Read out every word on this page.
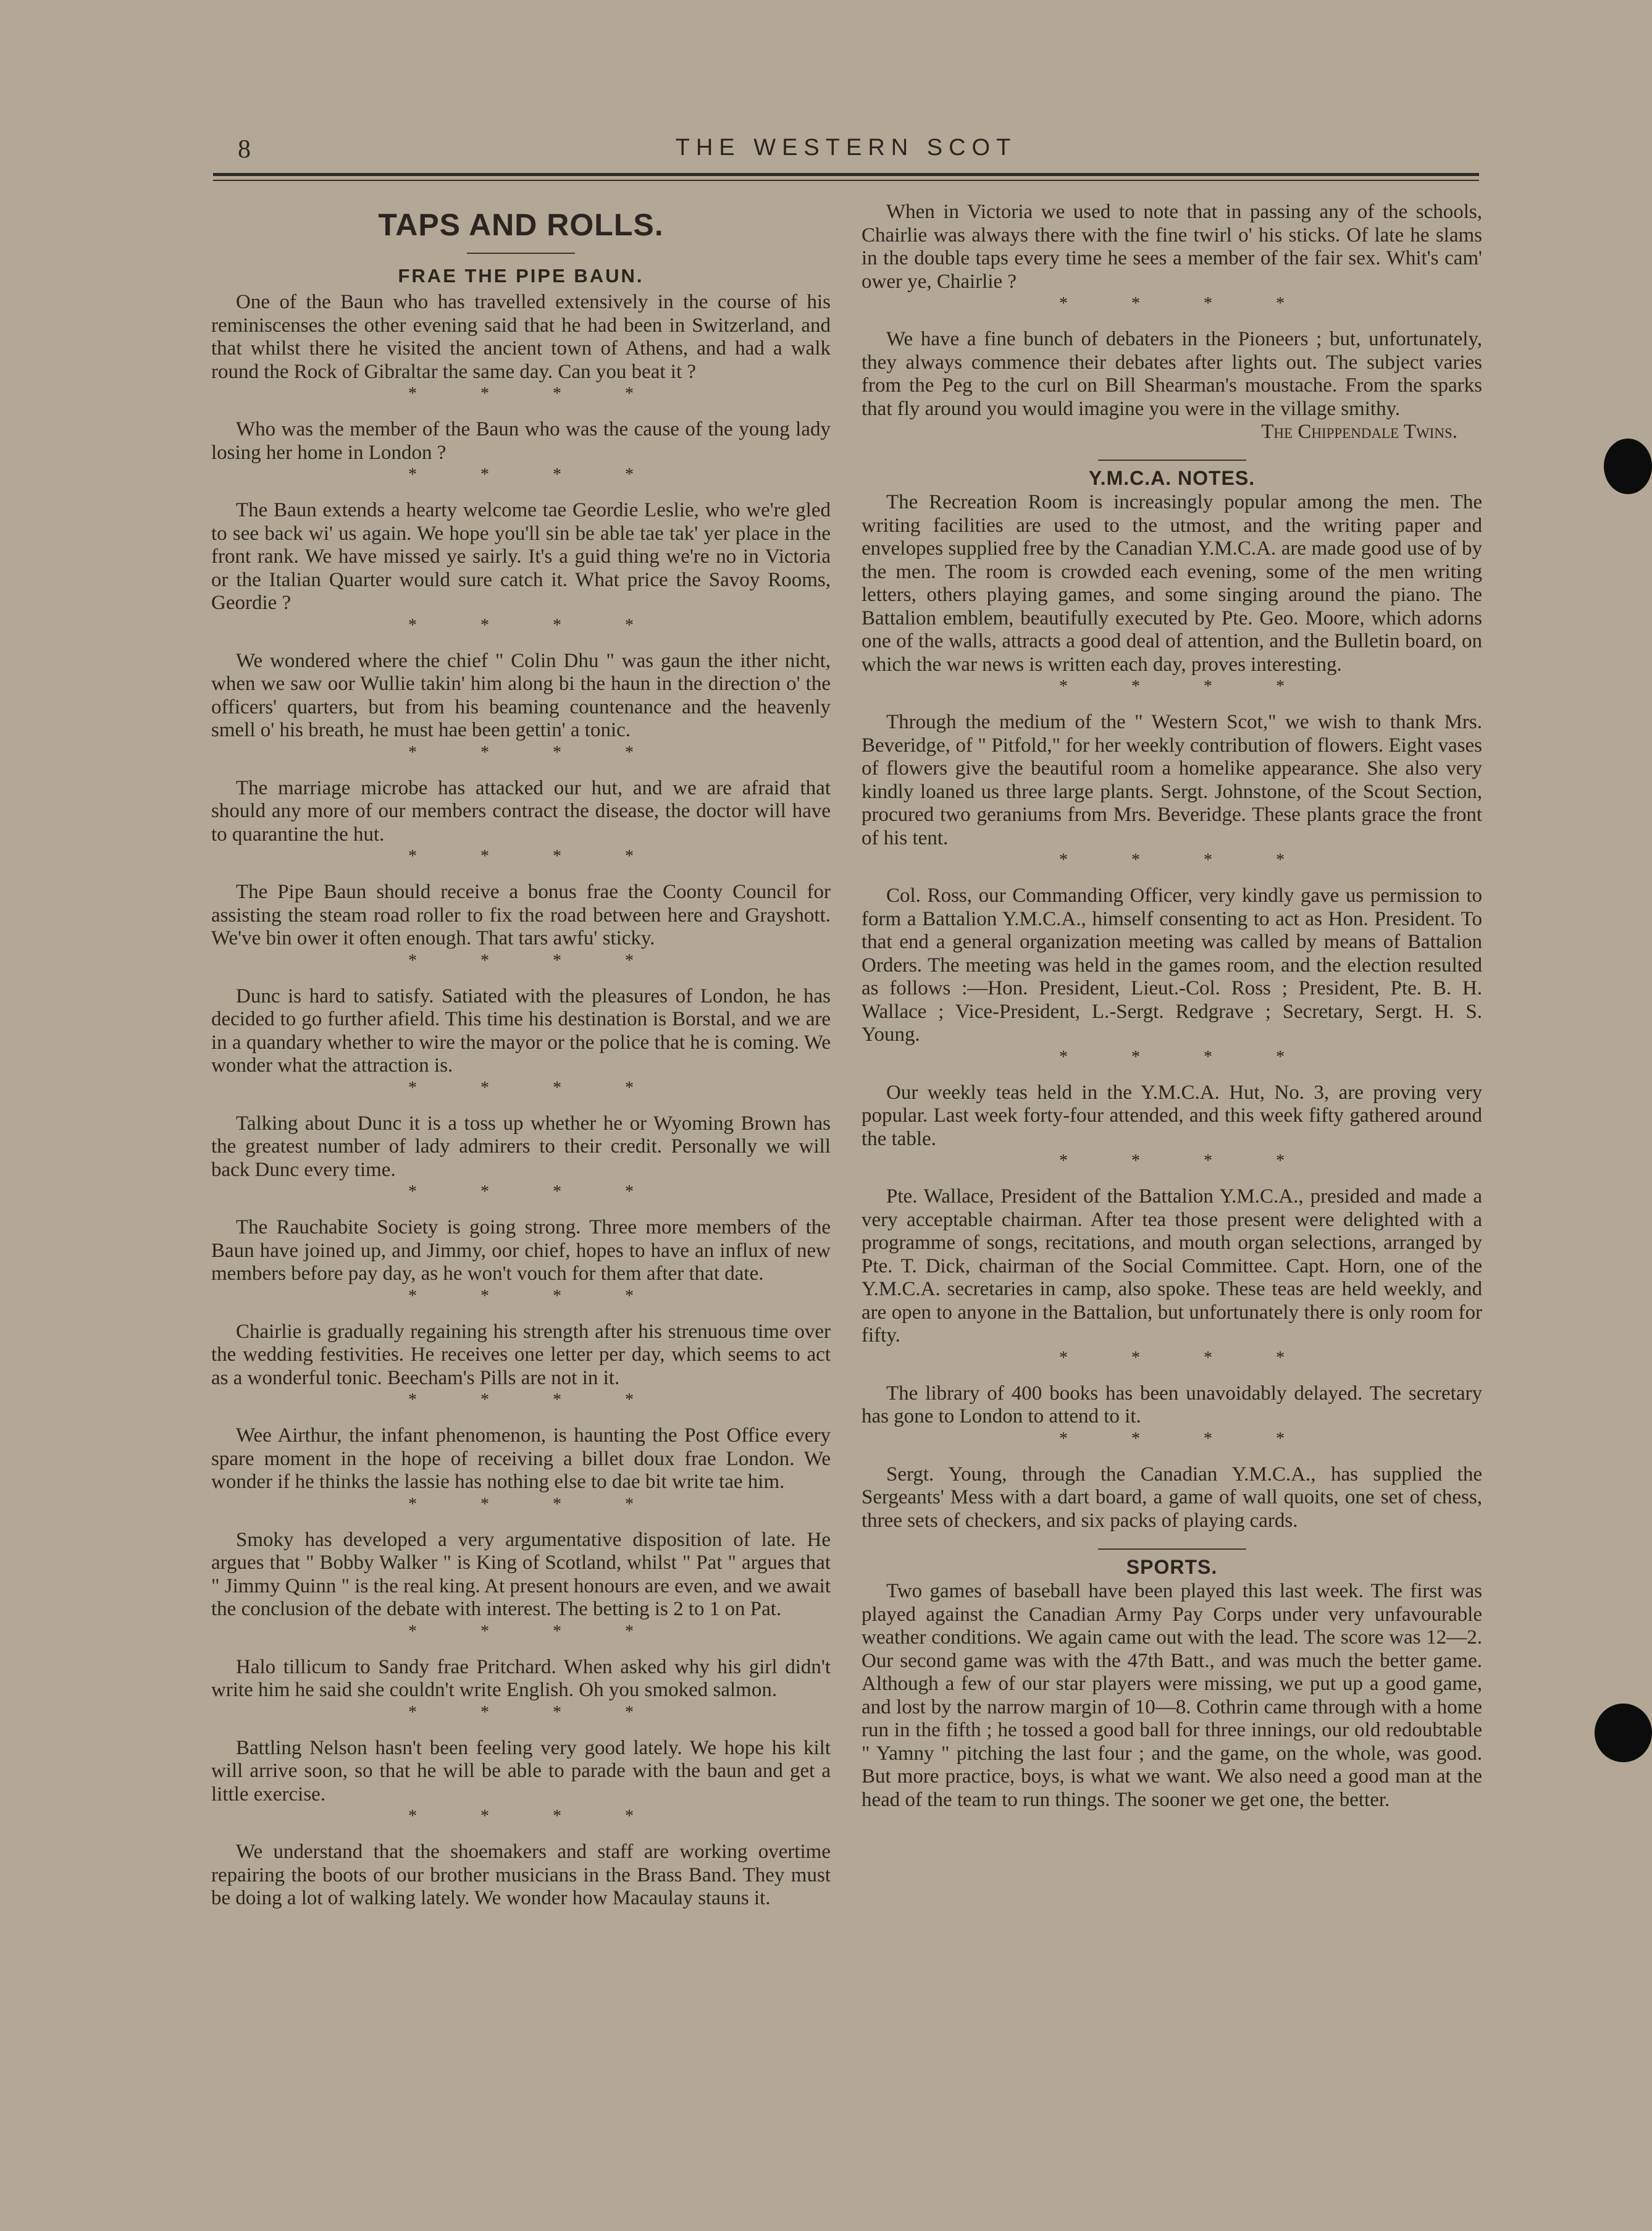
8	THE WESTERN SCOT
TAPS AND ROLLS.
FRAE THE PIPE BAUN.

One of the Baun who has travelled extensively in the course of his reminiscenses the other evening said that he had been in Switzerland, and that whilst there he visited the ancient town of Athens, and had a walk round the Rock of Gibraltar the same day. Can you beat it ?

* * * *

Who was the member of the Baun who was the cause of the young lady losing her home in London ?

* * * *

The Baun extends a hearty welcome tae Geordie Leslie, who we're gled to see back wi' us again. We hope you'll sin be able tae tak' yer place in the front rank. We have missed ye sairly. It's a guid thing we're no in Victoria or the Italian Quarter would sure catch it. What price the Savoy Rooms, Geordie ?

* * * *

We wondered where the chief " Colin Dhu " was gaun the ither nicht, when we saw oor Wullie takin' him along bi the haun in the direction o' the officers' quarters, but from his beaming countenance and the heavenly smell o' his breath, he must hae been gettin' a tonic.

* * * *

The marriage microbe has attacked our hut, and we are afraid that should any more of our members contract the disease, the doctor will have to quarantine the hut.

* * * *

The Pipe Baun should receive a bonus frae the Coonty Council for assisting the steam road roller to fix the road between here and Grayshott. We've bin ower it often enough. That tars awfu' sticky.

* * * *

Dunc is hard to satisfy. Satiated with the pleasures of London, he has decided to go further afield. This time his destination is Borstal, and we are in a quandary whether to wire the mayor or the police that he is coming. We wonder what the attraction is.

* * * *

Talking about Dunc it is a toss up whether he or Wyoming Brown has the greatest number of lady admirers to their credit. Personally we will back Dunc every time.

* * * *

The Rauchabite Society is going strong. Three more members of the Baun have joined up, and Jimmy, oor chief, hopes to have an influx of new members before pay day, as he won't vouch for them after that date.

* * * *

Chairlie is gradually regaining his strength after his strenuous time over the wedding festivities. He receives one letter per day, which seems to act as a wonderful tonic. Beecham's Pills are not in it.

* * * *

Wee Airthur, the infant phenomenon, is haunting the Post Office every spare moment in the hope of receiving a billet doux frae London. We wonder if he thinks the lassie has nothing else to dae bit write tae him.

* * * *

Smoky has developed a very argumentative disposition of late. He argues that " Bobby Walker " is King of Scotland, whilst " Pat " argues that " Jimmy Quinn " is the real king. At present honours are even, and we await the conclusion of the debate with interest. The betting is 2 to 1 on Pat.

* * * *

Halo tillicum to Sandy frae Pritchard. When asked why his girl didn't write him he said she couldn't write English. Oh you smoked salmon.

* * * *

Battling Nelson hasn't been feeling very good lately. We hope his kilt will arrive soon, so that he will be able to parade with the baun and get a little exercise.

* * * *

We understand that the shoemakers and staff are working overtime repairing the boots of our brother musicians in the Brass Band. They must be doing a lot of walking lately. We wonder how Macaulay stauns it.

When in Victoria we used to note that in passing any of the schools, Chairlie was always there with the fine twirl o' his sticks. Of late he slams in the double taps every time he sees a member of the fair sex. Whit's cam' ower ye, Chairlie ?

* * * *

We have a fine bunch of debaters in the Pioneers ; but, unfortunately, they always commence their debates after lights out. The subject varies from the Peg to the curl on Bill Shearman's moustache. From the sparks that fly around you would imagine you were in the village smithy.

The Chippendale Twins.
Y.M.C.A. NOTES.

The Recreation Room is increasingly popular among the men. The writing facilities are used to the utmost, and the writing paper and envelopes supplied free by the Canadian Y.M.C.A. are made good use of by the men. The room is crowded each evening, some of the men writing letters, others playing games, and some singing around the piano. The Battalion emblem, beautifully executed by Pte. Geo. Moore, which adorns one of the walls, attracts a good deal of attention, and the Bulletin board, on which the war news is written each day, proves interesting.

* * * *

Through the medium of the " Western Scot," we wish to thank Mrs. Beveridge, of " Pitfold," for her weekly contribution of flowers. Eight vases of flowers give the beautiful room a homelike appearance. She also very kindly loaned us three large plants. Sergt. Johnstone, of the Scout Section, procured two geraniums from Mrs. Beveridge. These plants grace the front of his tent.

* * * *

Col. Ross, our Commanding Officer, very kindly gave us permission to form a Battalion Y.M.C.A., himself consenting to act as Hon. President. To that end a general organization meeting was called by means of Battalion Orders. The meeting was held in the games room, and the election resulted as follows :—Hon. President, Lieut.-Col. Ross ; President, Pte. B. H. Wallace ; Vice-President, L.-Sergt. Redgrave ; Secretary, Sergt. H. S. Young.

* * * *

Our weekly teas held in the Y.M.C.A. Hut, No. 3, are proving very popular. Last week forty-four attended, and this week fifty gathered around the table.

* * * *

Pte. Wallace, President of the Battalion Y.M.C.A., presided and made a very acceptable chairman. After tea those present were delighted with a programme of songs, recitations, and mouth organ selections, arranged by Pte. T. Dick, chairman of the Social Committee. Capt. Horn, one of the Y.M.C.A. secretaries in camp, also spoke. These teas are held weekly, and are open to anyone in the Battalion, but unfortunately there is only room for fifty.

* * * *

The library of 400 books has been unavoidably delayed. The secretary has gone to London to attend to it.

* * * *

Sergt. Young, through the Canadian Y.M.C.A., has supplied the Sergeants' Mess with a dart board, a game of wall quoits, one set of chess, three sets of checkers, and six packs of playing cards.

SPORTS.

Two games of baseball have been played this last week. The first was played against the Canadian Army Pay Corps under very unfavourable weather conditions. We again came out with the lead. The score was 12—2. Our second game was with the 47th Batt., and was much the better game. Although a few of our star players were missing, we put up a good game, and lost by the narrow margin of 10—8. Cothrin came through with a home run in the fifth ; he tossed a good ball for three innings, our old redoubtable " Yamny " pitching the last four ; and the game, on the whole, was good. But more practice, boys, is what we want. We also need a good man at the head of the team to run things. The sooner we get one, the better.
